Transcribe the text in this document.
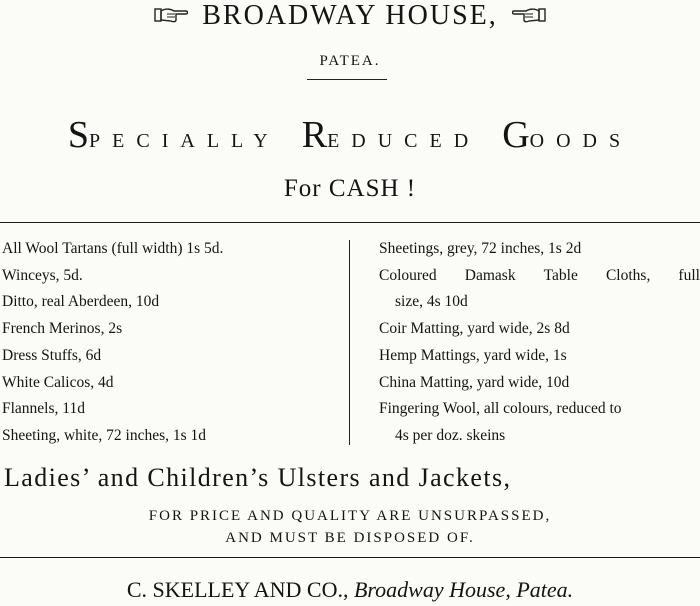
BROADWAY HOUSE,
PATEA.
SPECIALLY REDUCED GOODS
For CASH !
All Wool Tartans (full width) 1s 5d.
Winceys, 5d.
Ditto, real Aberdeen, 10d
French Merinos, 2s
Dress Stuffs, 6d
White Calicos, 4d
Flannels, 11d
Sheeting, white, 72 inches, 1s 1d
Sheetings, grey, 72 inches, 1s 2d
Coloured Damask Table Cloths, full
size, 4s 10d
Coir Matting, yard wide, 2s 8d
Hemp Mattings, yard wide, 1s
China Matting, yard wide, 10d
Fingering Wool, all colours, reduced to
4s per doz. skeins
Ladies’ and Children’s Ulsters and Jackets,
FOR PRICE AND QUALITY ARE UNSURPASSED,
AND MUST BE DISPOSED OF.
C. SKELLEY AND CO., Broadway House, Patea.
